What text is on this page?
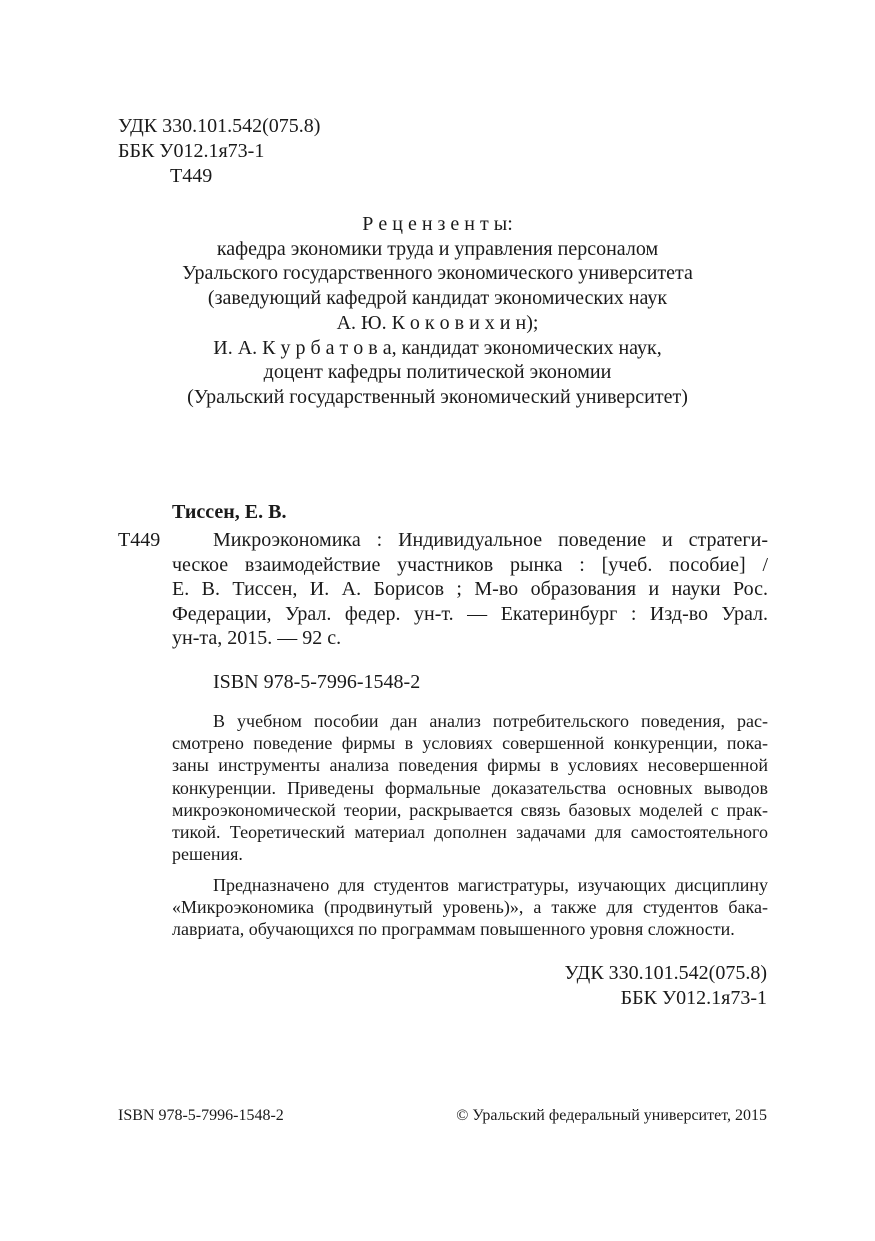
УДК 330.101.542(075.8)
ББК У012.1я73-1
Т449
Р е ц е н з е н т ы:
кафедра экономики труда и управления персоналом
Уральского государственного экономического университета
(заведующий кафедрой кандидат экономических наук
А. Ю. К о к о в и х и н);
И. А. К у р б а т о в а, кандидат экономических наук,
доцент кафедры политической экономии
(Уральский государственный экономический университет)
Тиссен, Е. В.
Т449	Микроэкономика : Индивидуальное поведение и стратеги-
ческое взаимодействие участников рынка : [учеб. пособие] /
Е. В. Тиссен, И. А. Борисов ; М-во образования и науки Рос.
Федерации, Урал. федер. ун-т. — Екатеринбург : Изд-во Урал.
ун-та, 2015. — 92 с.
ISBN 978-5-7996-1548-2
В учебном пособии дан анализ потребительского поведения, рас-
смотрено поведение фирмы в условиях совершенной конкуренции, пока-
заны инструменты анализа поведения фирмы в условиях несовершенной
конкуренции. Приведены формальные доказательства основных выводов
микроэкономической теории, раскрывается связь базовых моделей с прак-
тикой. Теоретический материал дополнен задачами для самостоятельного
решения.
Предназначено для студентов магистратуры, изучающих дисциплину
«Микроэкономика (продвинутый уровень)», а также для студентов бака-
лавриата, обучающихся по программам повышенного уровня сложности.
УДК 330.101.542(075.8)
ББК У012.1я73-1
ISBN 978-5-7996-1548-2	© Уральский федеральный университет, 2015
